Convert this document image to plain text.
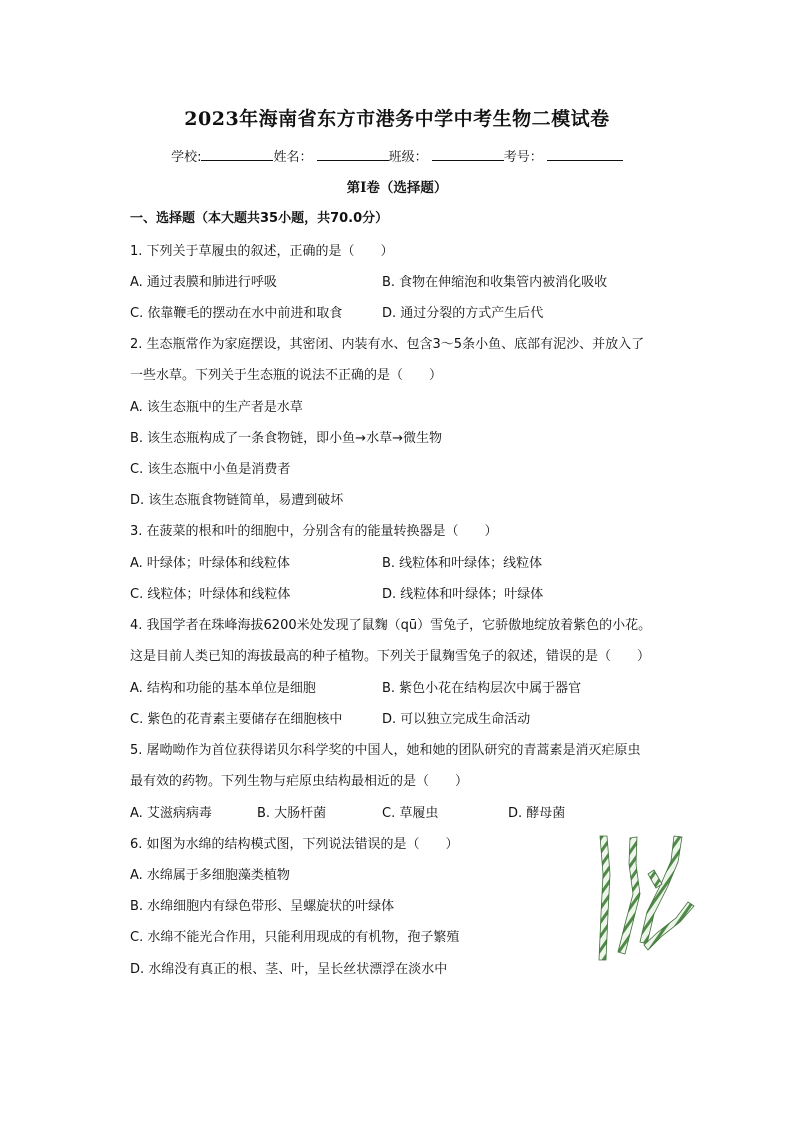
2023年海南省东方市港务中学中考生物二模试卷
学校:	姓名：	班级：	考号：
第Ⅰ卷（选择题）
一、选择题（本大题共35小题，共70.0分）
1. 下列关于草履虫的叙述，正确的是（　　）
A. 通过表膜和肺进行呼吸	B. 食物在伸缩泡和收集管内被消化吸收
C. 依靠鞭毛的摆动在水中前进和取食	D. 通过分裂的方式产生后代
2. 生态瓶常作为家庭摆设，其密闭、内装有水、包含3～5条小鱼、底部有泥沙、并放入了
一些水草。下列关于生态瓶的说法不正确的是（　　）
A. 该生态瓶中的生产者是水草
B. 该生态瓶构成了一条食物链，即小鱼→水草→微生物
C. 该生态瓶中小鱼是消费者
D. 该生态瓶食物链简单，易遭到破坏
3. 在菠菜的根和叶的细胞中，分别含有的能量转换器是（　　）
A. 叶绿体；叶绿体和线粒体	B. 线粒体和叶绿体；线粒体
C. 线粒体；叶绿体和线粒体	D. 线粒体和叶绿体；叶绿体
4. 我国学者在珠峰海拔6200米处发现了鼠麴（qū）雪兔子，它骄傲地绽放着紫色的小花。
这是目前人类已知的海拔最高的种子植物。下列关于鼠麹雪兔子的叙述，错误的是（　　）
A. 结构和功能的基本单位是细胞	B. 紫色小花在结构层次中属于器官
C. 紫色的花青素主要储存在细胞核中	D. 可以独立完成生命活动
5. 屠呦呦作为首位获得诺贝尔科学奖的中国人，她和她的团队研究的青蒿素是消灭疟原虫
最有效的药物。下列生物与疟原虫结构最相近的是（　　）
A. 艾滋病病毒	B. 大肠杆菌	C. 草履虫	D. 酵母菌
6. 如图为水绵的结构模式图，下列说法错误的是（　　）
A. 水绵属于多细胞藻类植物
B. 水绵细胞内有绿色带形、呈螺旋状的叶绿体
C. 水绵不能光合作用，只能利用现成的有机物，孢子繁殖
D. 水绵没有真正的根、茎、叶，呈长丝状漂浮在淡水中
